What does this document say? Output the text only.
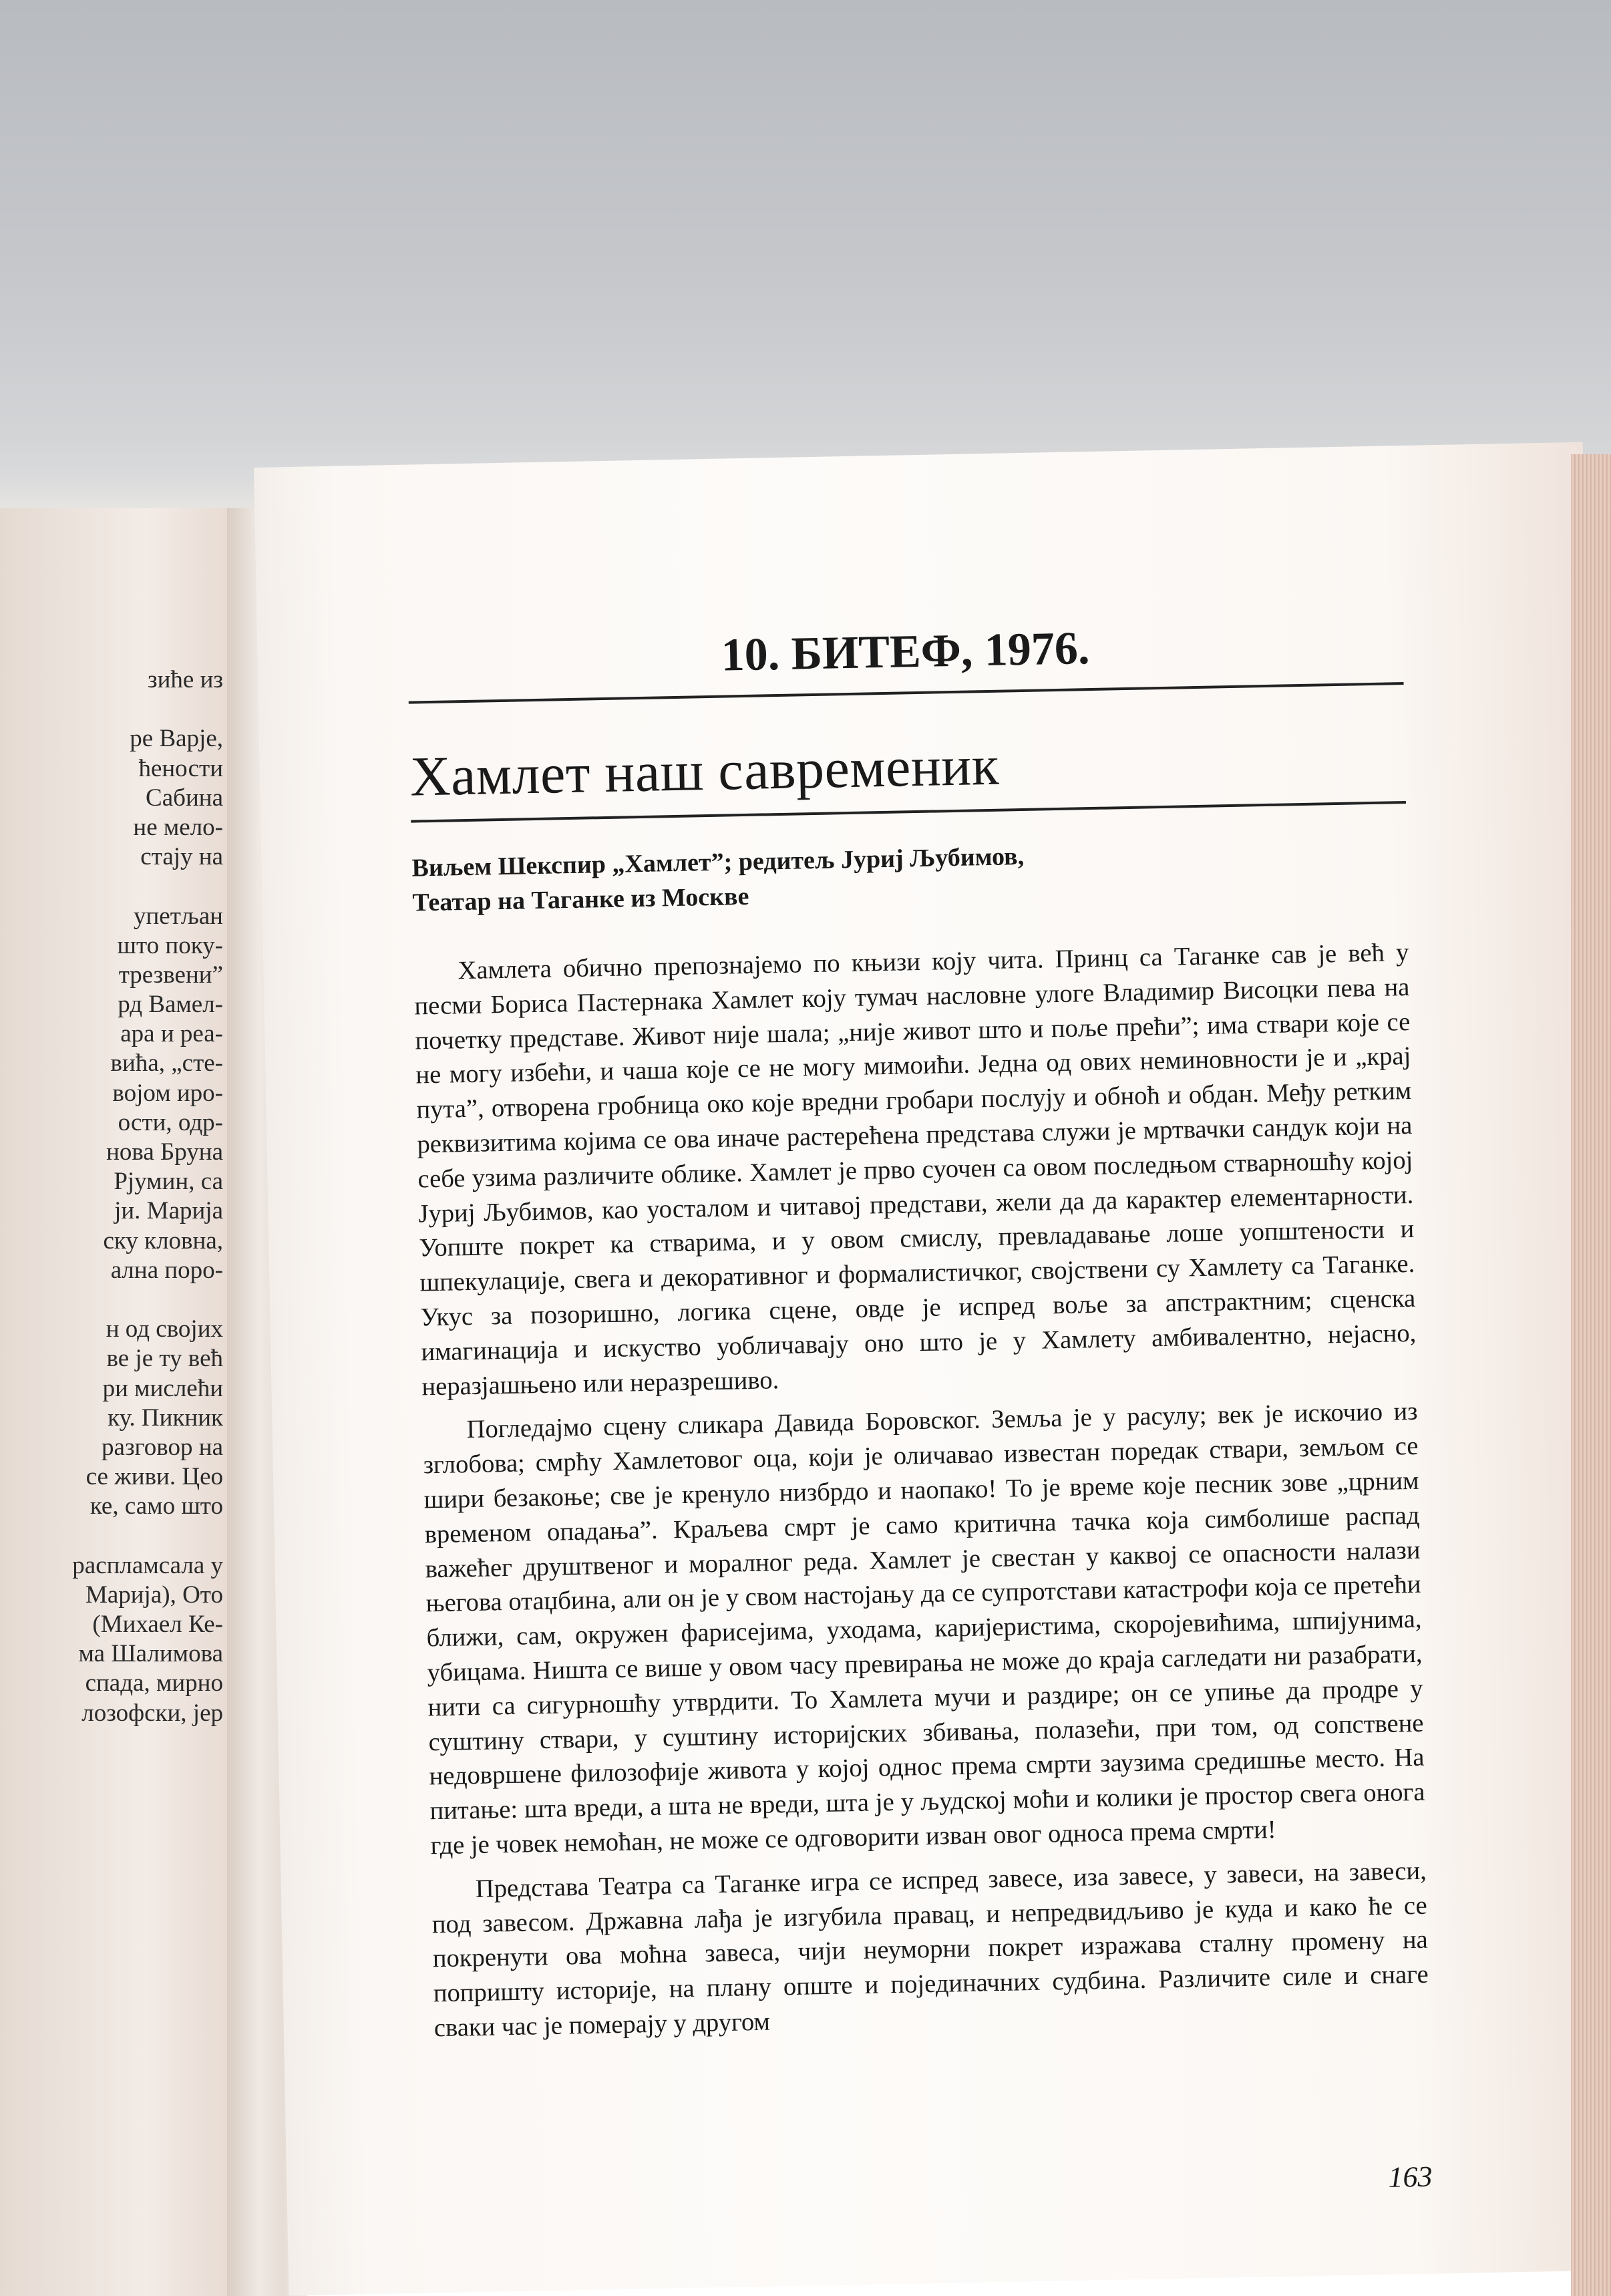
зиће из
ре Варје,
ћености
Сабина
не мело-
стају на
упетљан
што поку-
трезвени”
рд Вамел-
ара и реа-
вића, „сте-
војом иро-
ости, одр-
нова Бруна
Рјумин, са
ји. Марија
ску кловна,
ална поро-
н од својих
ве је ту већ
ри мислећи
ку. Пикник
разговор на
се живи. Цео
ке, само што
распламсала у
Марија), Ото
(Михаел Ке-
ма Шалимова
спада, мирно
лозофски, јер
10. БИТЕФ, 1976.
Хамлет наш савременик
Виљем Шекспир „Хамлет”; редитељ Јуриј Љубимов,
Театар на Таганке из Москве

Хамлета обично препознајемо по књизи коју чита. Принц са Таганке сав је већ у песми Бориса Пастернака Хамлет коју тумач насловне улоге Владимир Висоцки пева на почетку представе. Живот није шала; „није живот што и поље прећи”; има ствари које се не могу избећи, и чаша које се не могу мимоићи. Једна од ових неминовности је и „крај пута”, отворена гробница око које вредни гробари послују и обноћ и обдан. Међу ретким реквизитима којима се ова иначе растерећена представа служи је мртвачки сандук који на себе узима различите облике. Хамлет је прво суочен са овом последњом стварношћу којој Јуриј Љубимов, као уосталом и читавој представи, жели да да карактер елементарности. Уопште покрет ка стварима, и у овом смислу, превладавање лоше уопштености и шпекулације, свега и декоративног и формалистичког, својствени су Хамлету са Таганке. Укус за позоришно, логика сцене, овде је испред воље за апстрактним; сценска имагинација и искуство уобличавају оно што је у Хамлету амбивалентно, нејасно, неразјашњено или неразрешиво.

Погледајмо сцену сликара Давида Боровског. Земља је у расулу; век је искочио из зглобова; смрћу Хамлетовог оца, који је оличавао известан поредак ствари, земљом се шири безакоње; све је кренуло низбрдо и наопако! То је време које песник зове „црним временом опадања”. Краљева смрт је само критична тачка која симболише распад важећег друштвеног и моралног реда. Хамлет је свестан у каквој се опасности налази његова отаџбина, али он је у свом настојању да се супротстави катастрофи која се претећи ближи, сам, окружен фарисејима, уходама, каријеристима, скоројевићима, шпијунима, убицама. Ништа се више у овом часу превирања не може до краја сагледати ни разабрати, нити са сигурношћу утврдити. То Хамлета мучи и раздире; он се упиње да продре у суштину ствари, у суштину историјских збивања, полазећи, при том, од сопствене недовршене филозофије живота у којој однос према смрти заузима средишње место. На питање: шта вреди, а шта не вреди, шта је у људској моћи и колики је простор свега онога где је човек немоћан, не може се одговорити изван овог односа према смрти!

Представа Театра са Таганке игра се испред завесе, иза завесе, у завеси, на завеси, под завесом. Државна лађа је изгубила правац, и непредвидљиво је куда и како ће се покренути ова моћна завеса, чији неуморни покрет изражава сталну промену на попришту историје, на плану опште и појединачних судбина. Различите силе и снаге сваки час је померају у другом

163
